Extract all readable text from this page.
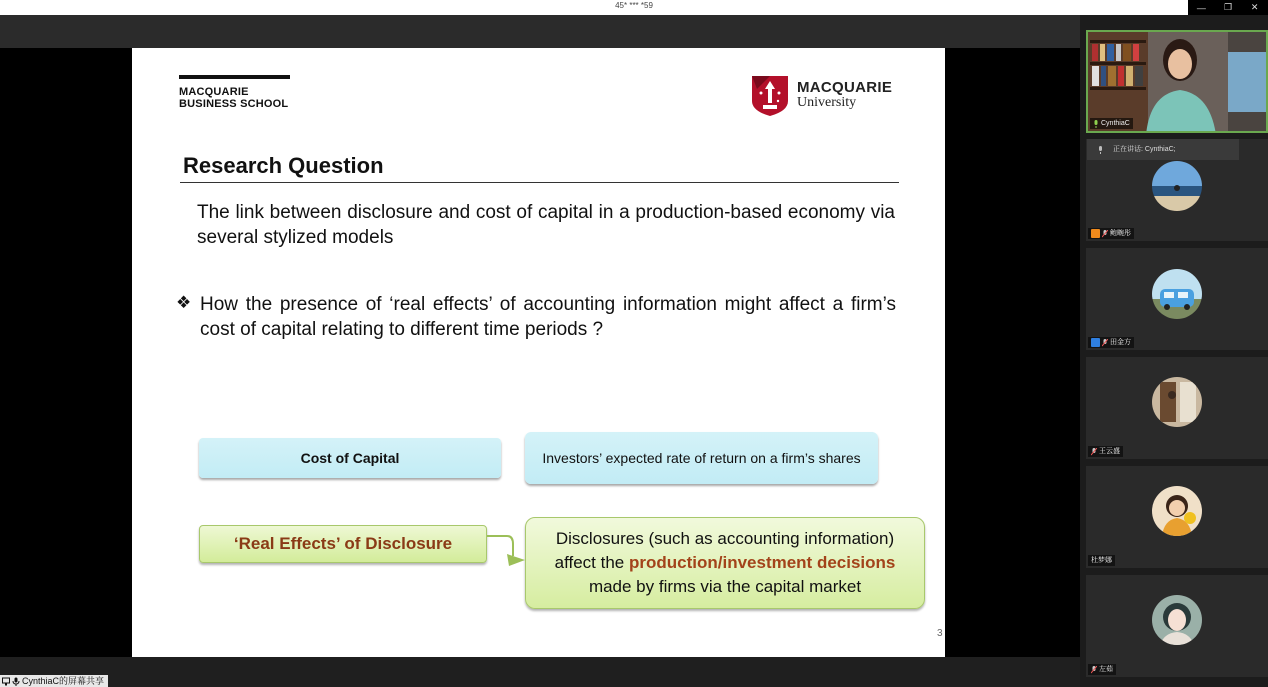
45* *** *59	—	❐	✕
MACQUARIE
BUSINESS SCHOOL
MACQUARIE
University
Research Question
The link between disclosure and cost of capital in a production-based economy via several stylized models
❖ How the presence of ‘real effects’ of accounting information might affect a firm’s cost of capital relating to different time periods ?
Cost of Capital	Investors’ expected rate of return on a firm’s shares
‘Real Effects’ of Disclosure	Disclosures (such as accounting information)
affect the production/investment decisions
made by firms via the capital market
3
CynthiaC的屏幕共享
CynthiaC
鲍畹彤
田金方
王云盛
杜梦娜
左茹
正在讲话: CynthiaC;
